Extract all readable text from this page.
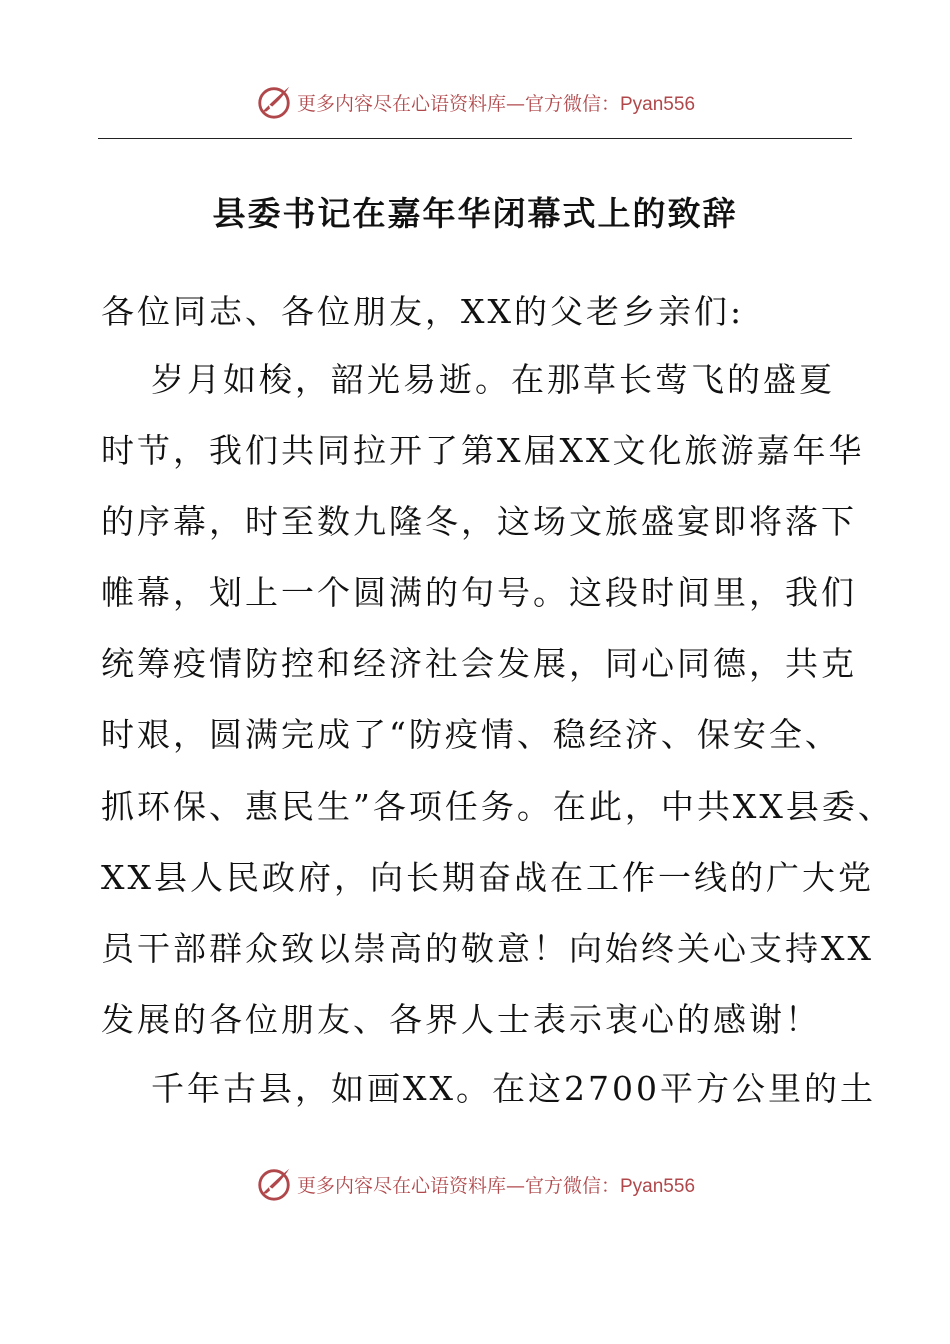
更多内容尽在心语资料库—官方微信：Pyan556
县委书记在嘉年华闭幕式上的致辞
各位同志、各位朋友，XX的父老乡亲们:
岁月如梭，韶光易逝。在那草长莺飞的盛夏
时节，我们共同拉开了第X届XX文化旅游嘉年华
的序幕，时至数九隆冬，这场文旅盛宴即将落下
帷幕，划上一个圆满的句号。这段时间里，我们
统筹疫情防控和经济社会发展，同心同德，共克
时艰，圆满完成了“防疫情、稳经济、保安全、
抓环保、惠民生”各项任务。在此，中共XX县委、
XX县人民政府，向长期奋战在工作一线的广大党
员干部群众致以崇高的敬意！向始终关心支持XX
发展的各位朋友、各界人士表示衷心的感谢！
千年古县，如画XX。在这2700平方公里的土
更多内容尽在心语资料库—官方微信：Pyan556
